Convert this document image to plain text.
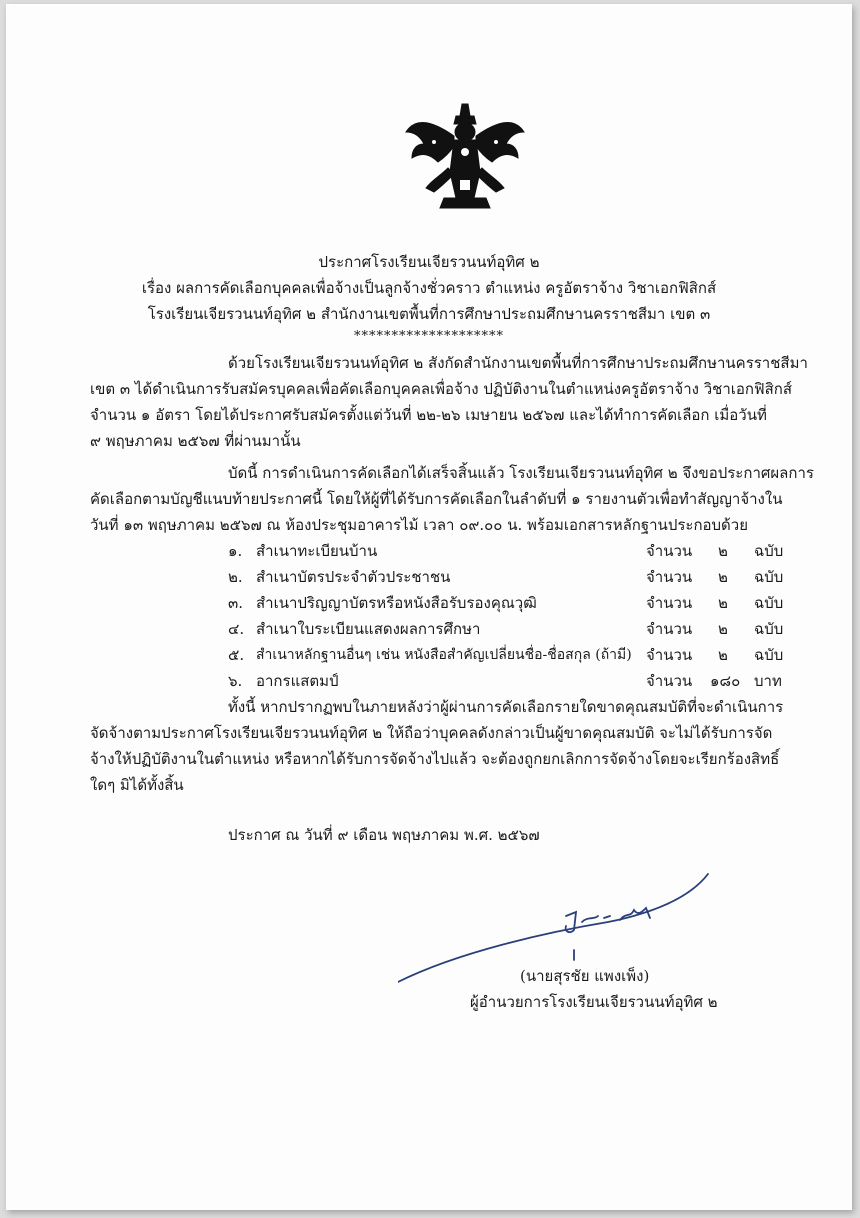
ประกาศโรงเรียนเจียรวนนท์อุทิศ ๒
เรื่อง ผลการคัดเลือกบุคคลเพื่อจ้างเป็นลูกจ้างชั่วคราว ตำแหน่ง ครูอัตราจ้าง วิชาเอกฟิสิกส์
โรงเรียนเจียรวนนท์อุทิศ ๒ สำนักงานเขตพื้นที่การศึกษาประถมศึกษานครราชสีมา เขต ๓
********************
ด้วยโรงเรียนเจียรวนนท์อุทิศ ๒ สังกัดสำนักงานเขตพื้นที่การศึกษาประถมศึกษานครราชสีมา
เขต ๓ ได้ดำเนินการรับสมัครบุคคลเพื่อคัดเลือกบุคคลเพื่อจ้าง ปฏิบัติงานในตำแหน่งครูอัตราจ้าง วิชาเอกฟิสิกส์
จำนวน ๑ อัตรา โดยได้ประกาศรับสมัครตั้งแต่วันที่ ๒๒-๒๖ เมษายน ๒๕๖๗ และได้ทำการคัดเลือก เมื่อวันที่
๙ พฤษภาคม ๒๕๖๗ ที่ผ่านมานั้น
บัดนี้ การดำเนินการคัดเลือกได้เสร็จสิ้นแล้ว โรงเรียนเจียรวนนท์อุทิศ ๒ จึงขอประกาศผลการ
คัดเลือกตามบัญชีแนบท้ายประกาศนี้ โดยให้ผู้ที่ได้รับการคัดเลือกในลำดับที่ ๑ รายงานตัวเพื่อทำสัญญาจ้างใน
วันที่ ๑๓ พฤษภาคม ๒๕๖๗ ณ ห้องประชุมอาคารไม้ เวลา ๐๙.๐๐ น. พร้อมเอกสารหลักฐานประกอบด้วย
๑. สำเนาทะเบียนบ้าน	จำนวน ๒ ฉบับ
๒. สำเนาบัตรประจำตัวประชาชน	จำนวน ๒ ฉบับ
๓. สำเนาปริญญาบัตรหรือหนังสือรับรองคุณวุฒิ	จำนวน ๒ ฉบับ
๔. สำเนาใบระเบียนแสดงผลการศึกษา	จำนวน ๒ ฉบับ
๕. สำเนาหลักฐานอื่นๆ เช่น หนังสือสำคัญเปลี่ยนชื่อ-ชื่อสกุล (ถ้ามี) จำนวน ๒ ฉบับ
๖. อากรแสตมป์	จำนวน ๑๘๐ บาท
ทั้งนี้ หากปรากฏพบในภายหลังว่าผู้ผ่านการคัดเลือกรายใดขาดคุณสมบัติที่จะดำเนินการ
จัดจ้างตามประกาศโรงเรียนเจียรวนนท์อุทิศ ๒ ให้ถือว่าบุคคลดังกล่าวเป็นผู้ขาดคุณสมบัติ จะไม่ได้รับการจัด
จ้างให้ปฏิบัติงานในตำแหน่ง หรือหากได้รับการจัดจ้างไปแล้ว จะต้องถูกยกเลิกการจัดจ้างโดยจะเรียกร้องสิทธิ์
ใดๆ มิได้ทั้งสิ้น
ประกาศ ณ วันที่ ๙ เดือน พฤษภาคม พ.ศ. ๒๕๖๗
(นายสุรชัย แพงเพ็ง)
ผู้อำนวยการโรงเรียนเจียรวนนท์อุทิศ ๒
